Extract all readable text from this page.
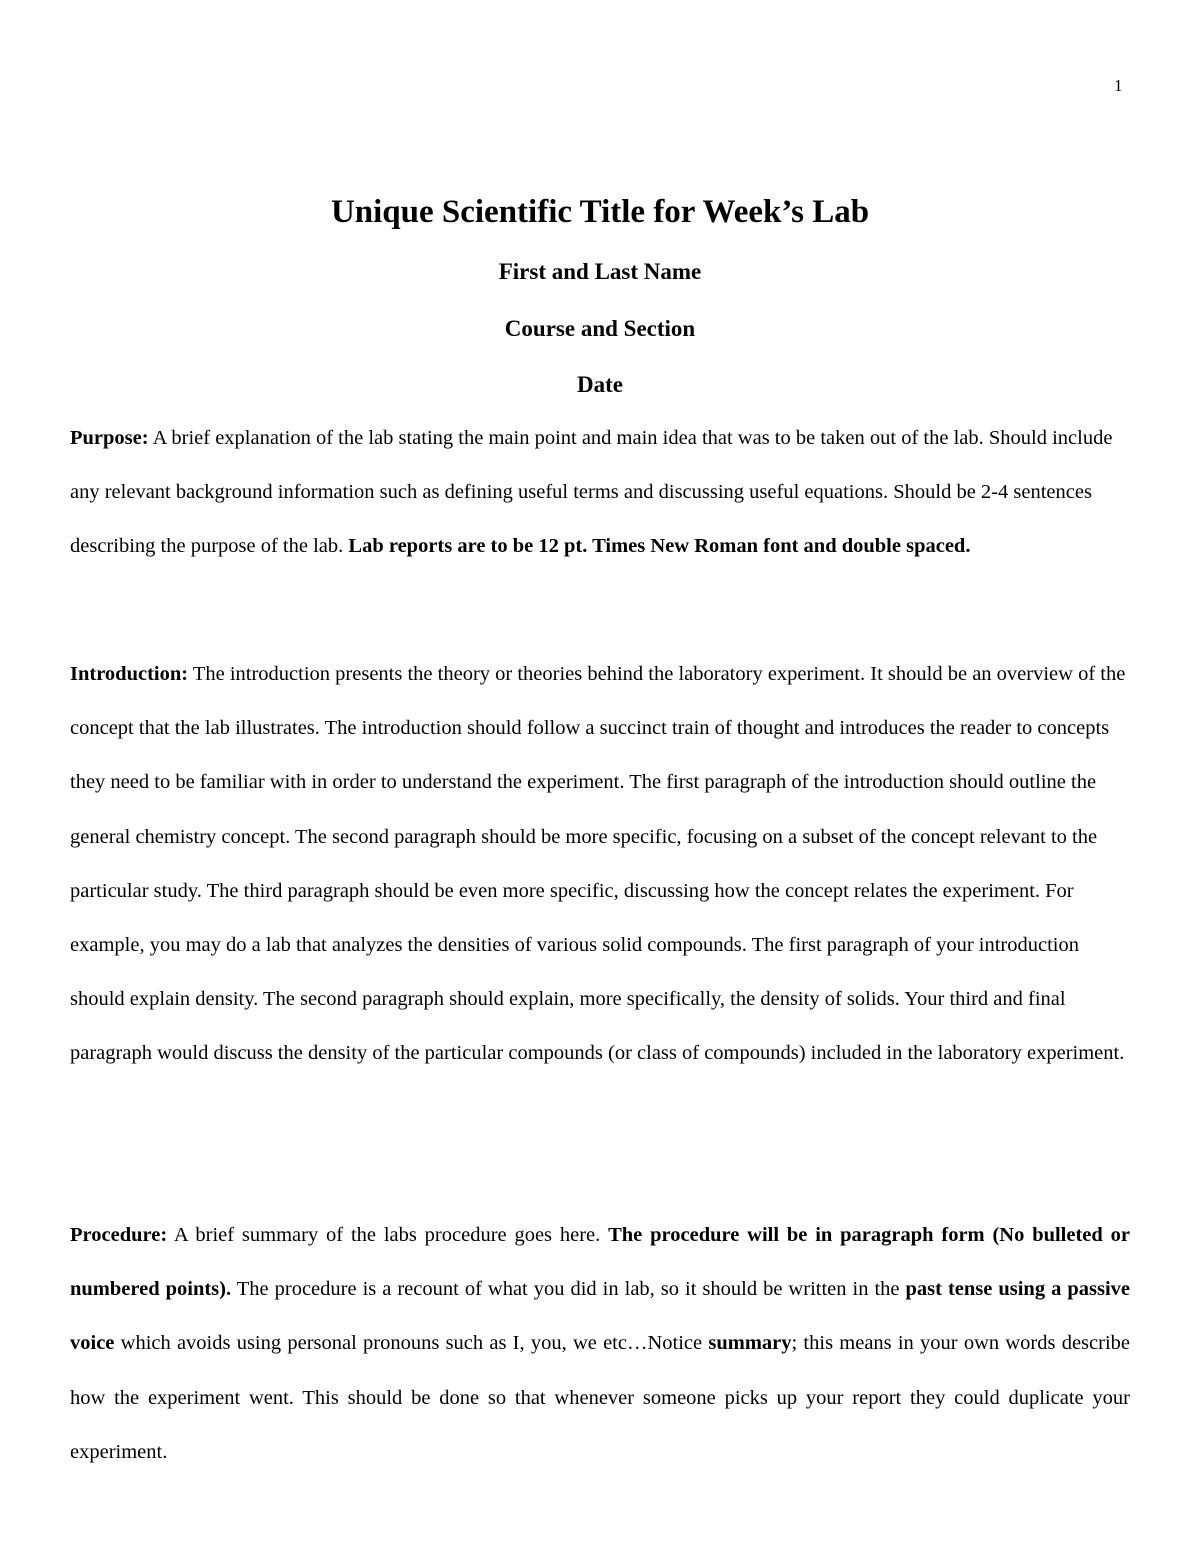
1
Unique Scientific Title for Week’s Lab

First and Last Name

Course and Section

Date

Purpose: A brief explanation of the lab stating the main point and main idea that was to be taken out of the lab. Should include any relevant background information such as defining useful terms and discussing useful equations. Should be 2-4 sentences describing the purpose of the lab. Lab reports are to be 12 pt. Times New Roman font and double spaced.

Introduction: The introduction presents the theory or theories behind the laboratory experiment. It should be an overview of the concept that the lab illustrates. The introduction should follow a succinct train of thought and introduces the reader to concepts they need to be familiar with in order to understand the experiment. The first paragraph of the introduction should outline the general chemistry concept. The second paragraph should be more specific, focusing on a subset of the concept relevant to the particular study. The third paragraph should be even more specific, discussing how the concept relates the experiment. For example, you may do a lab that analyzes the densities of various solid compounds. The first paragraph of your introduction should explain density. The second paragraph should explain, more specifically, the density of solids. Your third and final paragraph would discuss the density of the particular compounds (or class of compounds) included in the laboratory experiment.

Procedure: A brief summary of the labs procedure goes here. The procedure will be in paragraph form (No bulleted or numbered points). The procedure is a recount of what you did in lab, so it should be written in the past tense using a passive voice which avoids using personal pronouns such as I, you, we etc…Notice summary; this means in your own words describe how the experiment went. This should be done so that whenever someone picks up your report they could duplicate your experiment.
